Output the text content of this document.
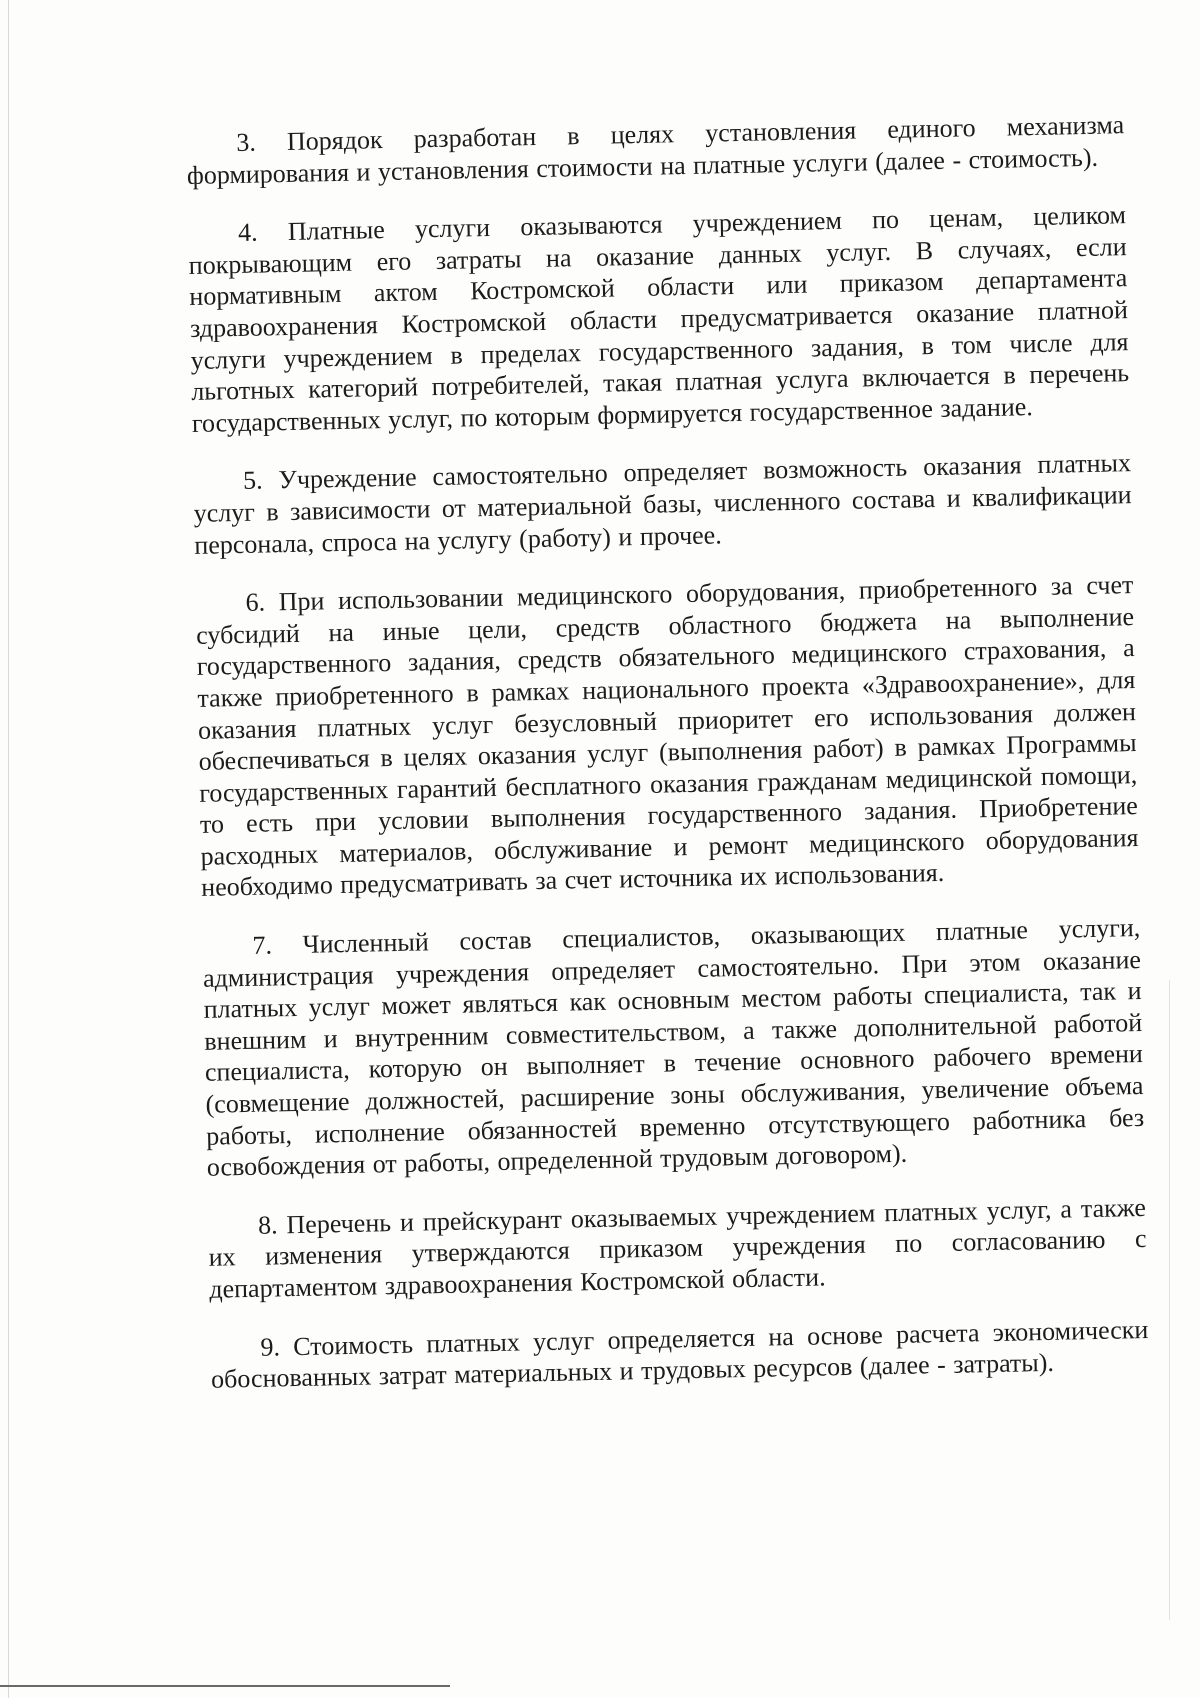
3. Порядок разработан в целях установления единого механизма формирования и установления стоимости на платные услуги (далее - стоимость).

4. Платные услуги оказываются учреждением по ценам, целиком покрывающим его затраты на оказание данных услуг. В случаях, если нормативным актом Костромской области или приказом департамента здравоохранения Костромской области предусматривается оказание платной услуги учреждением в пределах государственного задания, в том числе для льготных категорий потребителей, такая платная услуга включается в перечень государственных услуг, по которым формируется государственное задание.

5. Учреждение самостоятельно определяет возможность оказания платных услуг в зависимости от материальной базы, численного состава и квалификации персонала, спроса на услугу (работу) и прочее.

6. При использовании медицинского оборудования, приобретенного за счет субсидий на иные цели, средств областного бюджета на выполнение государственного задания, средств обязательного медицинского страхования, а также приобретенного в рамках национального проекта «Здравоохранение», для оказания платных услуг безусловный приоритет его использования должен обеспечиваться в целях оказания услуг (выполнения работ) в рамках Программы государственных гарантий бесплатного оказания гражданам медицинской помощи, то есть при условии выполнения государственного задания. Приобретение расходных материалов, обслуживание и ремонт медицинского оборудования необходимо предусматривать за счет источника их использования.

7. Численный состав специалистов, оказывающих платные услуги, администрация учреждения определяет самостоятельно. При этом оказание платных услуг может являться как основным местом работы специалиста, так и внешним и внутренним совместительством, а также дополнительной работой специалиста, которую он выполняет в течение основного рабочего времени (совмещение должностей, расширение зоны обслуживания, увеличение объема работы, исполнение обязанностей временно отсутствующего работника без освобождения от работы, определенной трудовым договором).

8. Перечень и прейскурант оказываемых учреждением платных услуг, а также их изменения утверждаются приказом учреждения по согласованию с департаментом здравоохранения Костромской области.

9. Стоимость платных услуг определяется на основе расчета экономически обоснованных затрат материальных и трудовых ресурсов (далее - затраты).
